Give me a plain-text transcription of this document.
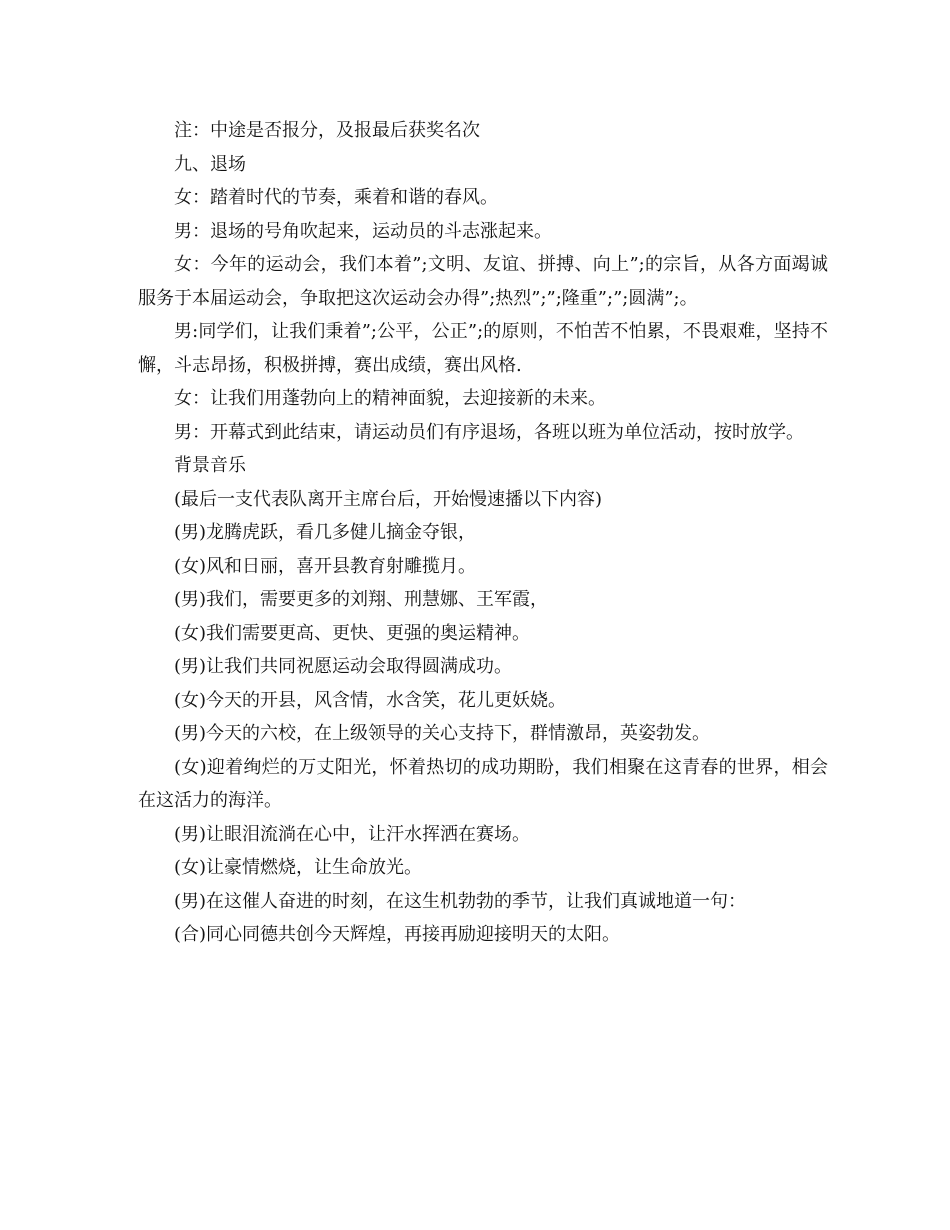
注：中途是否报分，及报最后获奖名次

九、退场

女：踏着时代的节奏，乘着和谐的春风。

男：退场的号角吹起来，运动员的斗志涨起来。

女：今年的运动会，我们本着”;文明、友谊、拼搏、向上”;的宗旨，从各方面竭诚服务于本届运动会，争取把这次运动会办得”;热烈”;”;隆重”;”;圆满”;。

男:同学们，让我们秉着”;公平，公正”;的原则，不怕苦不怕累，不畏艰难，坚持不懈，斗志昂扬，积极拼搏，赛出成绩，赛出风格.

女：让我们用蓬勃向上的精神面貌，去迎接新的未来。

男：开幕式到此结束，请运动员们有序退场，各班以班为单位活动，按时放学。

背景音乐

(最后一支代表队离开主席台后，开始慢速播以下内容)

(男)龙腾虎跃，看几多健儿摘金夺银，

(女)风和日丽，喜开县教育射雕揽月。

(男)我们，需要更多的刘翔、刑慧娜、王军霞，

(女)我们需要更高、更快、更强的奥运精神。

(男)让我们共同祝愿运动会取得圆满成功。

(女)今天的开县，风含情，水含笑，花儿更妖娆。

(男)今天的六校，在上级领导的关心支持下，群情激昂，英姿勃发。

(女)迎着绚烂的万丈阳光，怀着热切的成功期盼，我们相聚在这青春的世界，相会在这活力的海洋。

(男)让眼泪流淌在心中，让汗水挥洒在赛场。

(女)让豪情燃烧，让生命放光。

(男)在这催人奋进的时刻，在这生机勃勃的季节，让我们真诚地道一句：

(合)同心同德共创今天辉煌，再接再励迎接明天的太阳。
